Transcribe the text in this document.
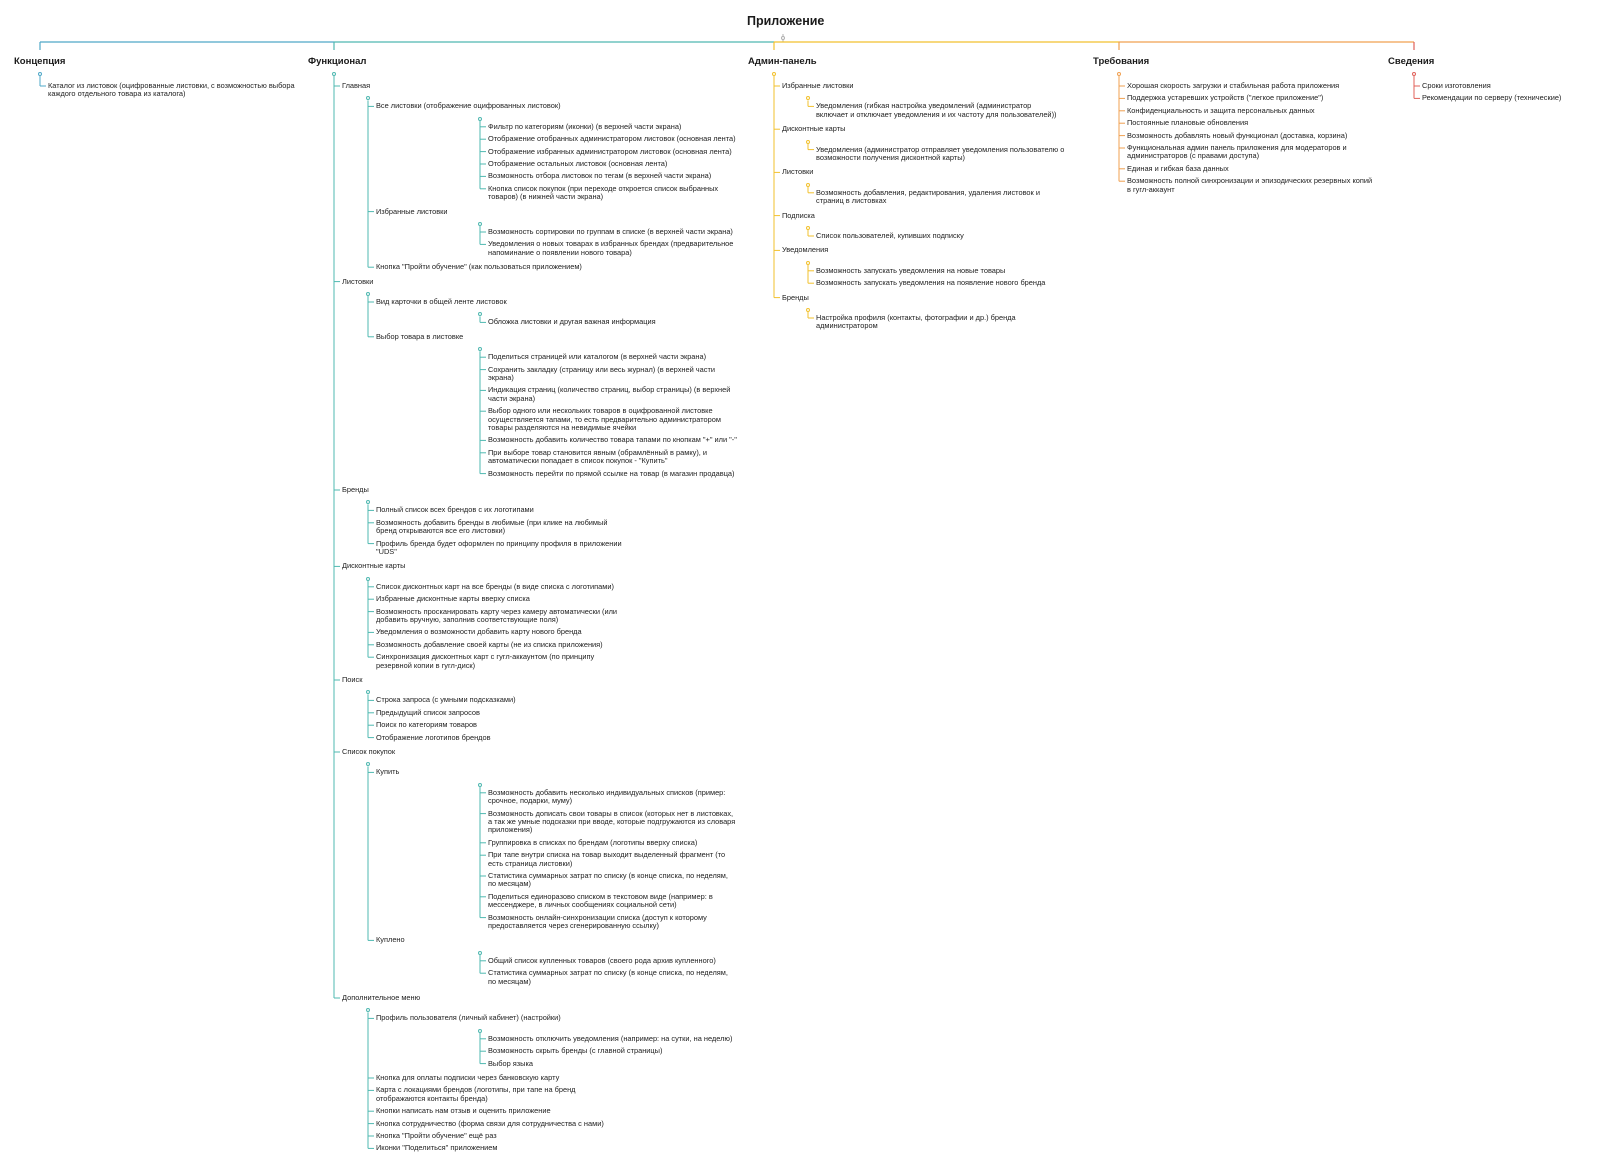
Приложение
Концепция
Каталог из листовок (оцифрованные листовки, с возможностью выбора
каждого отдельного товара из каталога)
Функционал
Главная
Все листовки (отображение оцифрованных листовок)
Фильтр по категориям (иконки) (в верхней части экрана)
Отображение отобранных администратором листовок (основная лента)
Отображение избранных администратором листовок (основная лента)
Отображение остальных листовок (основная лента)
Возможность отбора листовок по тегам (в верхней части экрана)
Кнопка список покупок (при переходе откроется список выбранных
товаров) (в нижней части экрана)
Избранные листовки
Возможность сортировки по группам в списке (в верхней части экрана)
Уведомления о новых товарах в избранных брендах (предварительное
напоминание о появлении нового товара)
Кнопка "Пройти обучение" (как пользоваться приложением)
Листовки
Вид карточки в общей ленте листовок
Обложка листовки и другая важная информация
Выбор товара в листовке
Поделиться страницей или каталогом (в верхней части экрана)
Сохранить закладку (страницу или весь журнал) (в верхней части
экрана)
Индикация страниц (количество страниц, выбор страницы) (в верхней
части экрана)
Выбор одного или нескольких товаров в оцифрованной листовке
осуществляется тапами, то есть предварительно администратором
товары разделяются на невидимые ячейки
Возможность добавить количество товара тапами по кнопкам "+" или "-"
При выборе товар становится явным (обрамлённый в рамку), и
автоматически попадает в список покупок - "Купить"
Возможность перейти по прямой ссылке на товар (в магазин продавца)
Бренды
Полный список всех брендов с их логотипами
Возможность добавить бренды в любимые (при клике на любимый
бренд открываются все его листовки)
Профиль бренда будет оформлен по принципу профиля в приложении
"UDS"
Дисконтные карты
Список дисконтных карт на все бренды (в виде списка с логотипами)
Избранные дисконтные карты вверху списка
Возможность просканировать карту через камеру автоматически (или
добавить вручную, заполнив соответствующие поля)
Уведомления о возможности добавить карту нового бренда
Возможность добавление своей карты (не из списка приложения)
Синхронизация дисконтных карт с гугл-аккаунтом (по принципу
резервной копии в гугл-диск)
Поиск
Строка запроса (с умными подсказками)
Предыдущий список запросов
Поиск по категориям товаров
Отображение логотипов брендов
Список покупок
Купить
Возможность добавить несколько индивидуальных списков (пример:
срочное, подарки, муму)
Возможность дописать свои товары в список (которых нет в листовках,
а так же умные подсказки при вводе, которые подгружаются из словаря
приложения)
Группировка в списках по брендам (логотипы вверху списка)
При тапе внутри списка на товар выходит выделенный фрагмент (то
есть страница листовки)
Статистика суммарных затрат по списку (в конце списка, по неделям,
по месяцам)
Поделиться единоразово списком в текстовом виде (например: в
мессенджере, в личных сообщениях социальной сети)
Возможность онлайн-синхронизации списка (доступ к которому
предоставляется через сгенерированную ссылку)
Куплено
Общий список купленных товаров (своего рода архив купленного)
Статистика суммарных затрат по списку (в конце списка, по неделям,
по месяцам)
Дополнительное меню
Профиль пользователя (личный кабинет) (настройки)
Возможность отключить уведомления (например: на сутки, на неделю)
Возможность скрыть бренды (с главной страницы)
Выбор языка
Кнопка для оплаты подписки через банковскую карту
Карта с локациями брендов (логотипы, при тапе на бренд
отображаются контакты бренда)
Кнопки написать нам отзыв и оценить приложение
Кнопка сотрудничество (форма связи для сотрудничества с нами)
Кнопка "Пройти обучение" ещё раз
Иконки "Поделиться" приложением
Админ-панель
Избранные листовки
Уведомления (гибкая настройка уведомлений (администратор
включает и отключает уведомления и их частоту для пользователей))
Дисконтные карты
Уведомления (администратор отправляет уведомления пользователю о
возможности получения дисконтной карты)
Листовки
Возможность добавления, редактирования, удаления листовок и
страниц в листовках
Подписка
Список пользователей, купивших подписку
Уведомления
Возможность запускать уведомления на новые товары
Возможность запускать уведомления на появление нового бренда
Бренды
Настройка профиля (контакты, фотографии и др.) бренда
администратором
Требования
Хорошая скорость загрузки и стабильная работа приложения
Поддержка устаревших устройств ("легкое приложение")
Конфиденциальность и защита персональных данных
Постоянные плановые обновления
Возможность добавлять новый функционал (доставка, корзина)
Функциональная админ панель приложения для модераторов и
администраторов (с правами доступа)
Единая и гибкая база данных
Возможность полной синхронизации и эпизодических резервных копий
в гугл-аккаунт
Сведения
Сроки изготовления
Рекомендации по серверу (технические)
